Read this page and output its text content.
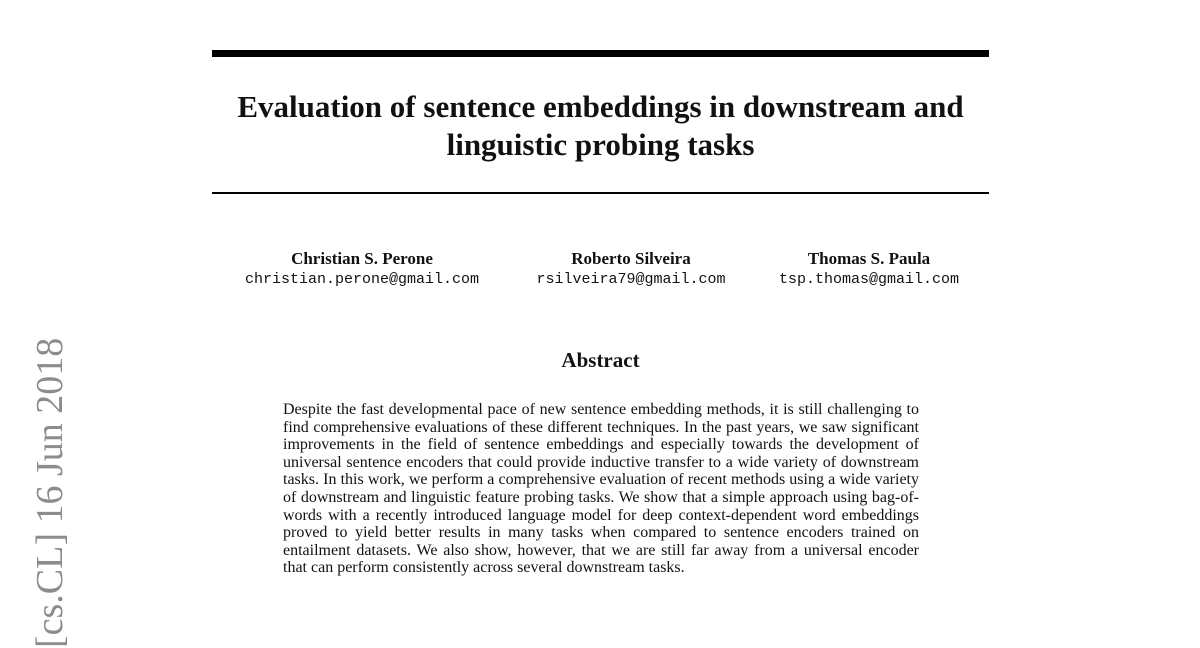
Evaluation of sentence embeddings in downstream and linguistic probing tasks
Christian S. Perone
christian.perone@gmail.com
Roberto Silveira
rsilveira79@gmail.com
Thomas S. Paula
tsp.thomas@gmail.com
Abstract

Despite the fast developmental pace of new sentence embedding methods, it is still challenging to find comprehensive evaluations of these different techniques. In the past years, we saw significant improvements in the field of sentence embeddings and especially towards the development of universal sentence encoders that could provide inductive transfer to a wide variety of downstream tasks. In this work, we perform a comprehensive evaluation of recent methods using a wide variety of downstream and linguistic feature probing tasks. We show that a simple approach using bag-of-words with a recently introduced language model for deep context-dependent word embeddings proved to yield better results in many tasks when compared to sentence encoders trained on entailment datasets. We also show, however, that we are still far away from a universal encoder that can perform consistently across several downstream tasks.

[cs.CL] 16 Jun 2018
